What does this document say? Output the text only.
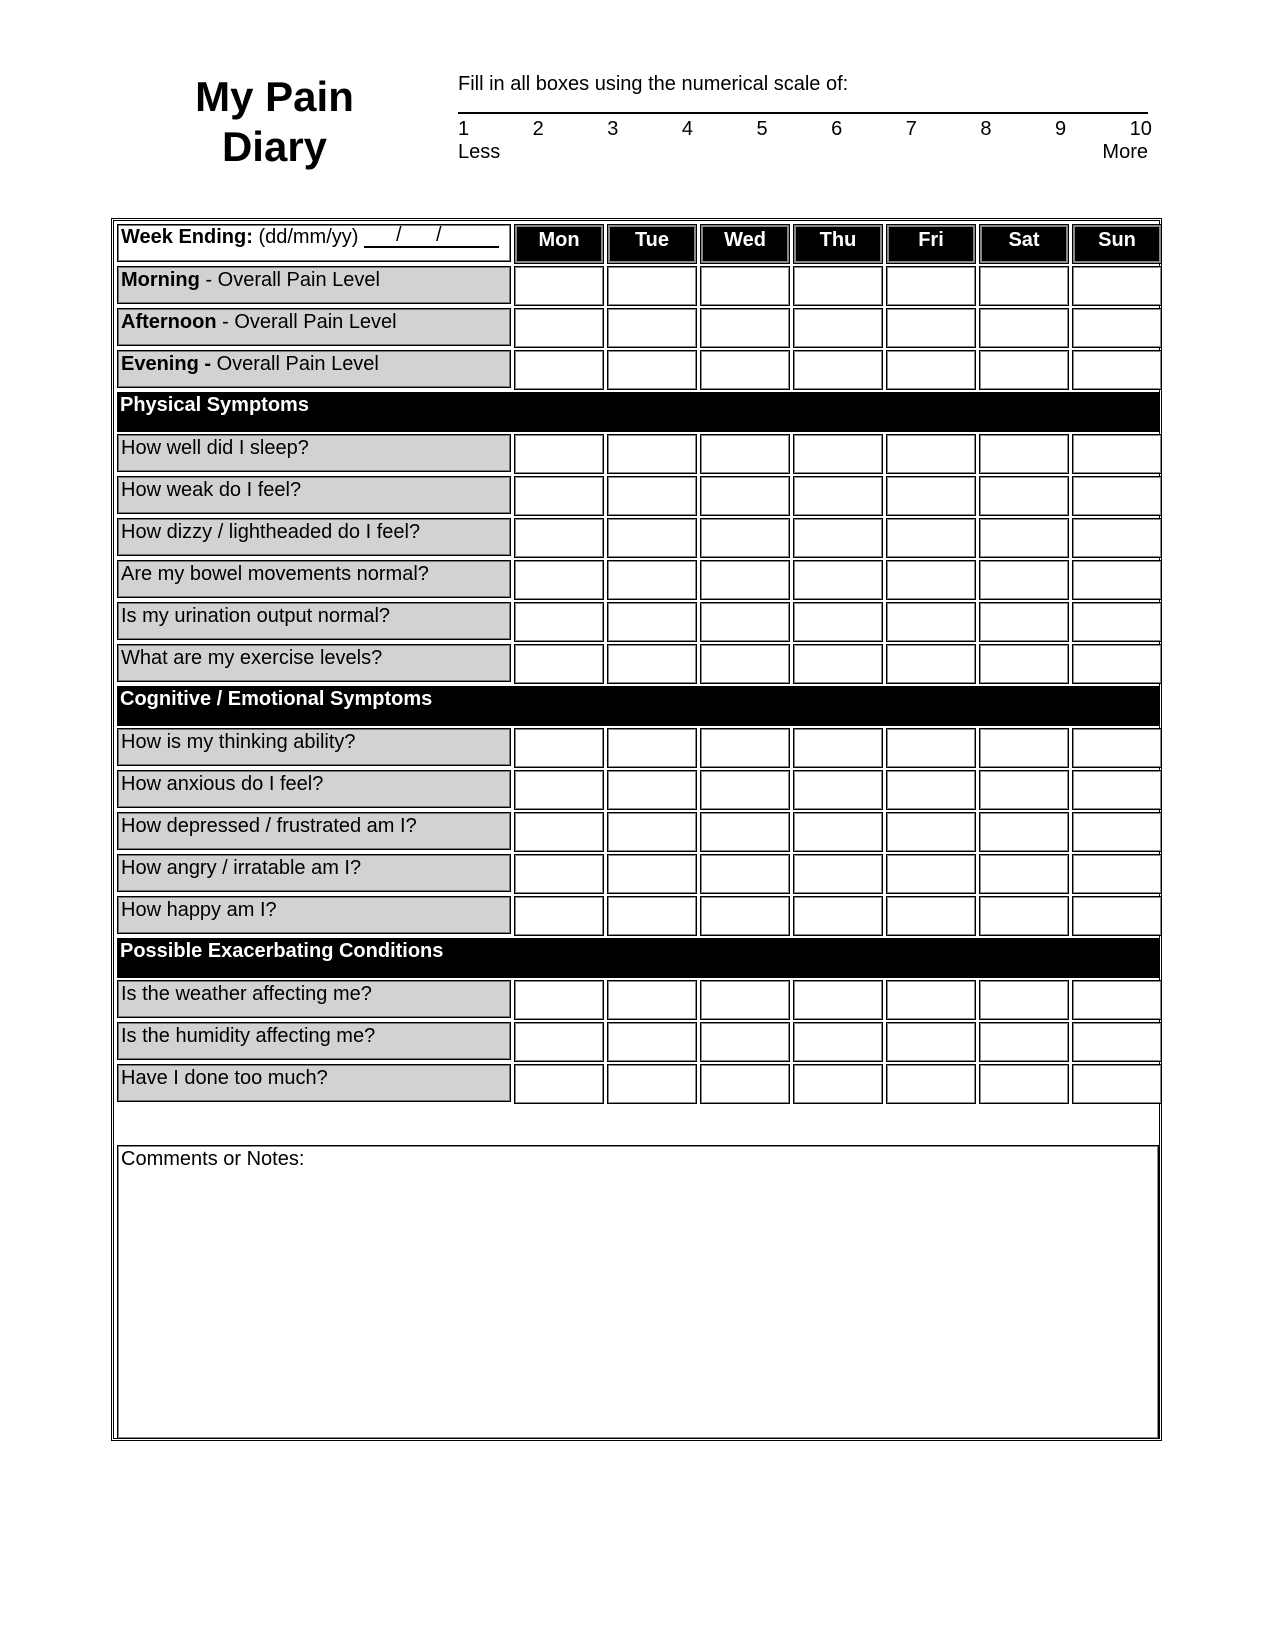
My Pain
Diary
Fill in all boxes using the numerical scale of:
1	2	3	4	5	6	7	8	9	10
Less	More
Week Ending: (dd/mm/yy) / /	Mon	Tue	Wed	Thu	Fri	Sat	Sun
Morning - Overall Pain Level
Afternoon - Overall Pain Level
Evening - Overall Pain Level
Physical Symptoms
How well did I sleep?
How weak do I feel?
How dizzy / lightheaded do I feel?
Are my bowel movements normal?
Is my urination output normal?
What are my exercise levels?
Cognitive / Emotional Symptoms
How is my thinking ability?
How anxious do I feel?
How depressed / frustrated am I?
How angry / irratable am I?
How happy am I?
Possible Exacerbating Conditions
Is the weather affecting me?
Is the humidity affecting me?
Have I done too much?
Comments or Notes:
